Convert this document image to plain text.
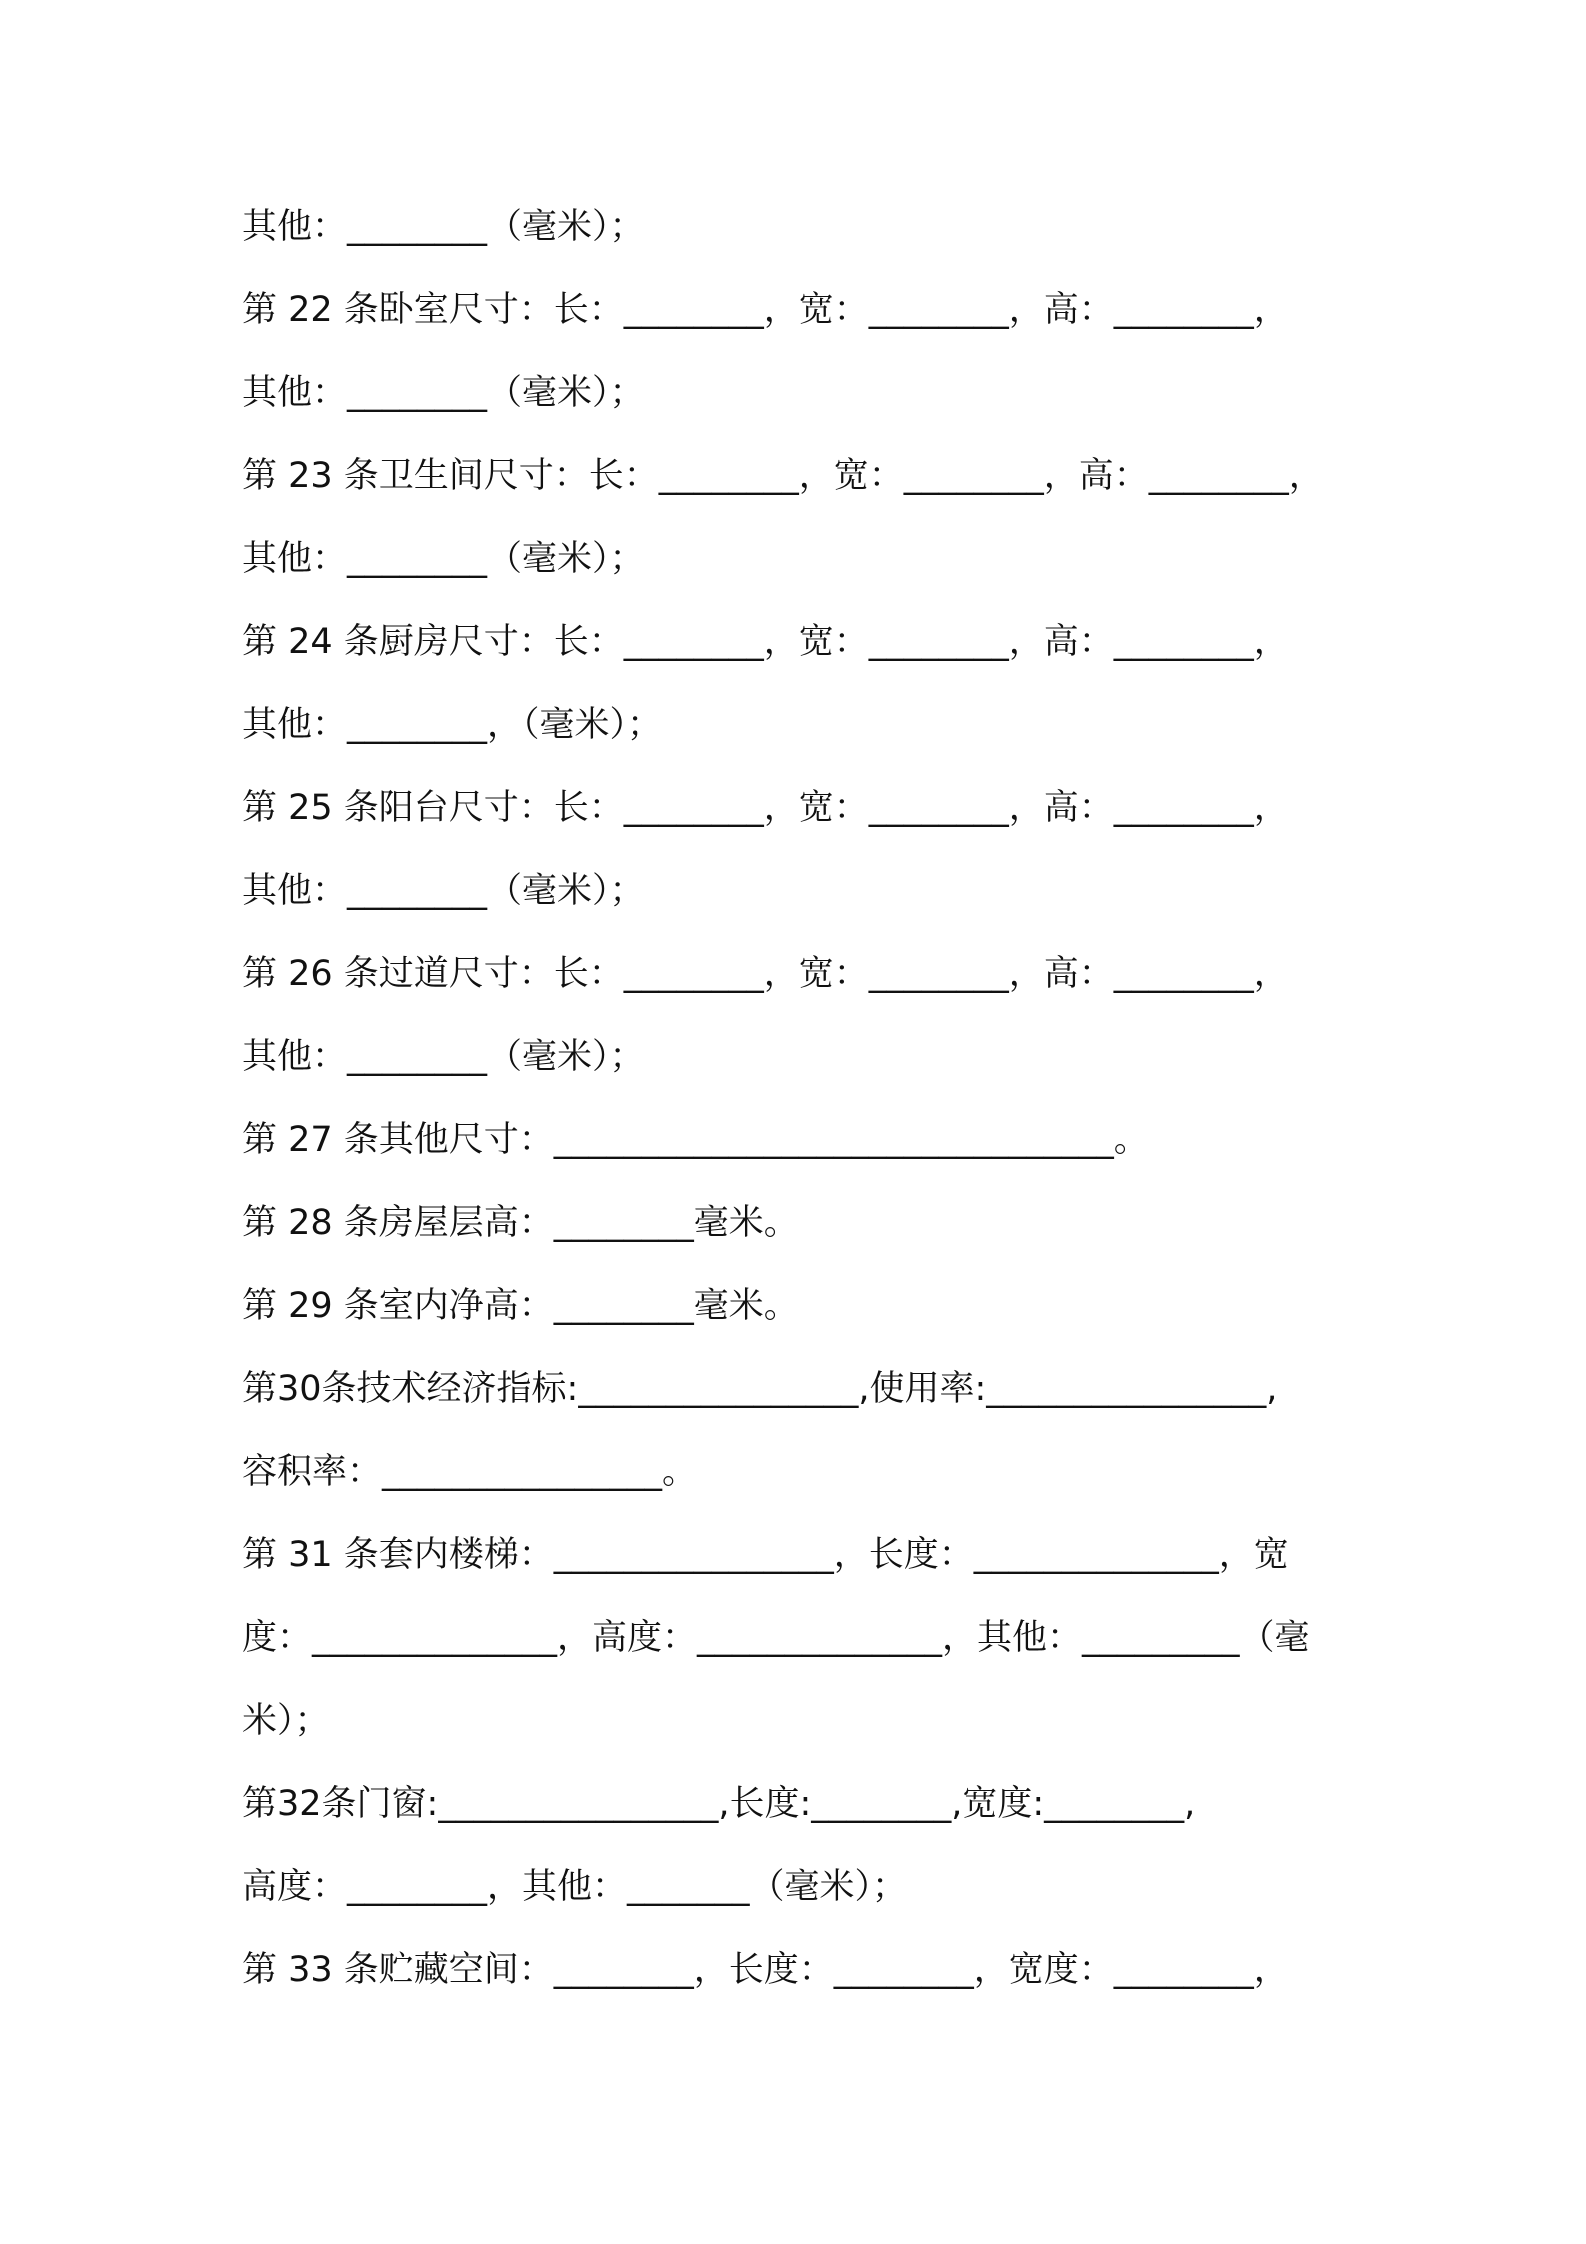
其他：________（毫米）；
第 22 条卧室尺寸：长：________，宽：________，高：________，
其他：________（毫米）；
第 23 条卫生间尺寸：长：________，宽：________，高：________，
其他：________（毫米）；
第 24 条厨房尺寸：长：________，宽：________，高：________，
其他：________，（毫米）；
第 25 条阳台尺寸：长：________，宽：________，高：________，
其他：________（毫米）；
第 26 条过道尺寸：长：________，宽：________，高：________，
其他：________（毫米）；
第 27 条其他尺寸：________________________________。
第 28 条房屋层高：________毫米。
第 29 条室内净高：________毫米。
第30条技术经济指标:________________,使用率:________________,
容积率：________________。
第 31 条套内楼梯：________________，长度：______________，宽
度：______________，高度：______________，其他：_________（毫
米）；
第32条门窗:________________,长度:________,宽度:________,
高度：________，其他：_______（毫米）；
第 33 条贮藏空间：________，长度：________，宽度：________，
